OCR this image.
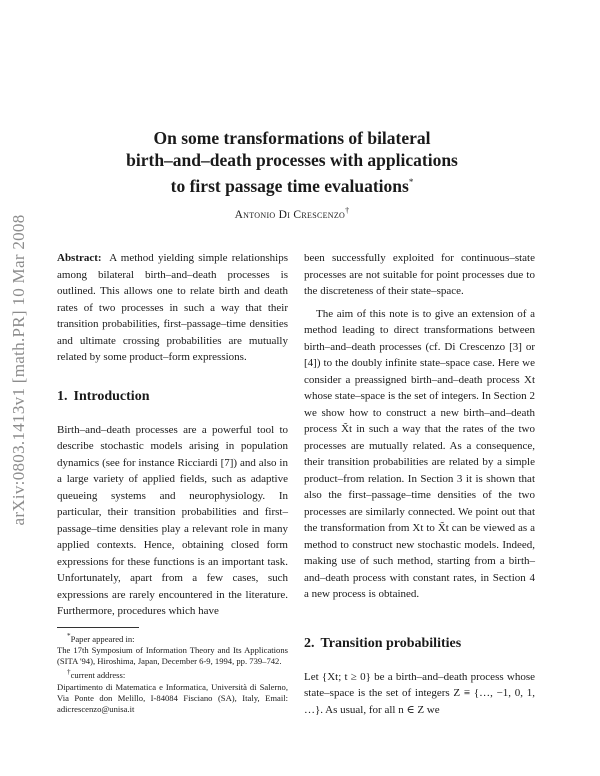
arXiv:0803.1413v1 [math.PR] 10 Mar 2008
On some transformations of bilateral
birth–and–death processes with applications
to first passage time evaluations*
Antonio Di Crescenzo†

Abstract: A method yielding simple relationships among bilateral birth–and–death processes is outlined. This allows one to relate birth and death rates of two processes in such a way that their transition probabilities, first–passage–time densities and ultimate crossing probabilities are mutually related by some product–form expressions.

1. Introduction

Birth–and–death processes are a powerful tool to describe stochastic models arising in population dynamics (see for instance Ricciardi [7]) and also in a large variety of applied fields, such as adaptive queueing systems and neurophysiology. In particular, their transition probabilities and first–passage–time densities play a relevant role in many applied contexts. Hence, obtaining closed form expressions for these functions is an important task. Unfortunately, apart from a few cases, such expressions are rarely encountered in the literature. Furthermore, procedures which have

*Paper appeared in:

The 17th Symposium of Information Theory and Its Applications (SITA '94), Hiroshima, Japan, December 6-9, 1994, pp. 739–742.

†current address:

Dipartimento di Matematica e Informatica, Università di Salerno, Via Ponte don Melillo, I-84084 Fisciano (SA), Italy, Email: adicrescenzo@unisa.it

been successfully exploited for continuous–state processes are not suitable for point processes due to the discreteness of their state–space.

The aim of this note is to give an extension of a method leading to direct transformations between birth–and–death processes (cf. Di Crescenzo [3] or [4]) to the doubly infinite state–space case. Here we consider a preassigned birth–and–death process Xt whose state–space is the set of integers. In Section 2 we show how to construct a new birth–and–death process X̃t in such a way that the rates of the two processes are mutually related. As a consequence, their transition probabilities are related by a simple product–from relation. In Section 3 it is shown that also the first–passage–time densities of the two processes are similarly connected. We point out that the transformation from Xt to X̃t can be viewed as a method to construct new stochastic models. Indeed, making use of such method, starting from a birth–and–death process with constant rates, in Section 4 a new process is obtained.

2. Transition probabilities

Let {Xt; t ≥ 0} be a birth–and–death process whose state–space is the set of integers Z ≡ {…, −1, 0, 1, …}. As usual, for all n ∈ Z we
